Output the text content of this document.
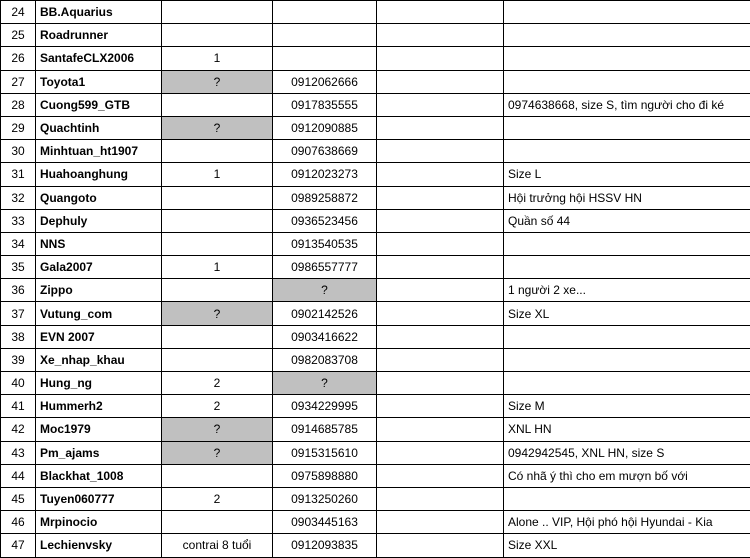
24	BB.Aquarius				
25	Roadrunner				
26	SantafeCLX2006	1			
27	Toyota1	?	0912062666		
28	Cuong599_GTB		0917835555		0974638668, size S, tìm người cho đi ké
29	Quachtinh	?	0912090885		
30	Minhtuan_ht1907		0907638669		
31	Huahoanghung	1	0912023273		Size L
32	Quangoto		0989258872		Hội trưởng hội HSSV HN
33	Dephuly		0936523456		Quần số 44
34	NNS		0913540535		
35	Gala2007	1	0986557777		
36	Zippo		?		1 người 2 xe...
37	Vutung_com	?	0902142526		Size XL
38	EVN 2007		0903416622		
39	Xe_nhap_khau		0982083708		
40	Hung_ng	2	?		
41	Hummerh2	2	0934229995		Size M
42	Moc1979	?	0914685785		XNL HN
43	Pm_ajams	?	0915315610		0942942545, XNL HN, size S
44	Blackhat_1008		0975898880		Có nhã ý thì cho em mượn bố với
45	Tuyen060777	2	0913250260		
46	Mrpinocio		0903445163		Alone .. VIP, Hội phó hội Hyundai - Kia
47	Lechienvsky	contrai 8 tuổi	0912093835		Size XXL
